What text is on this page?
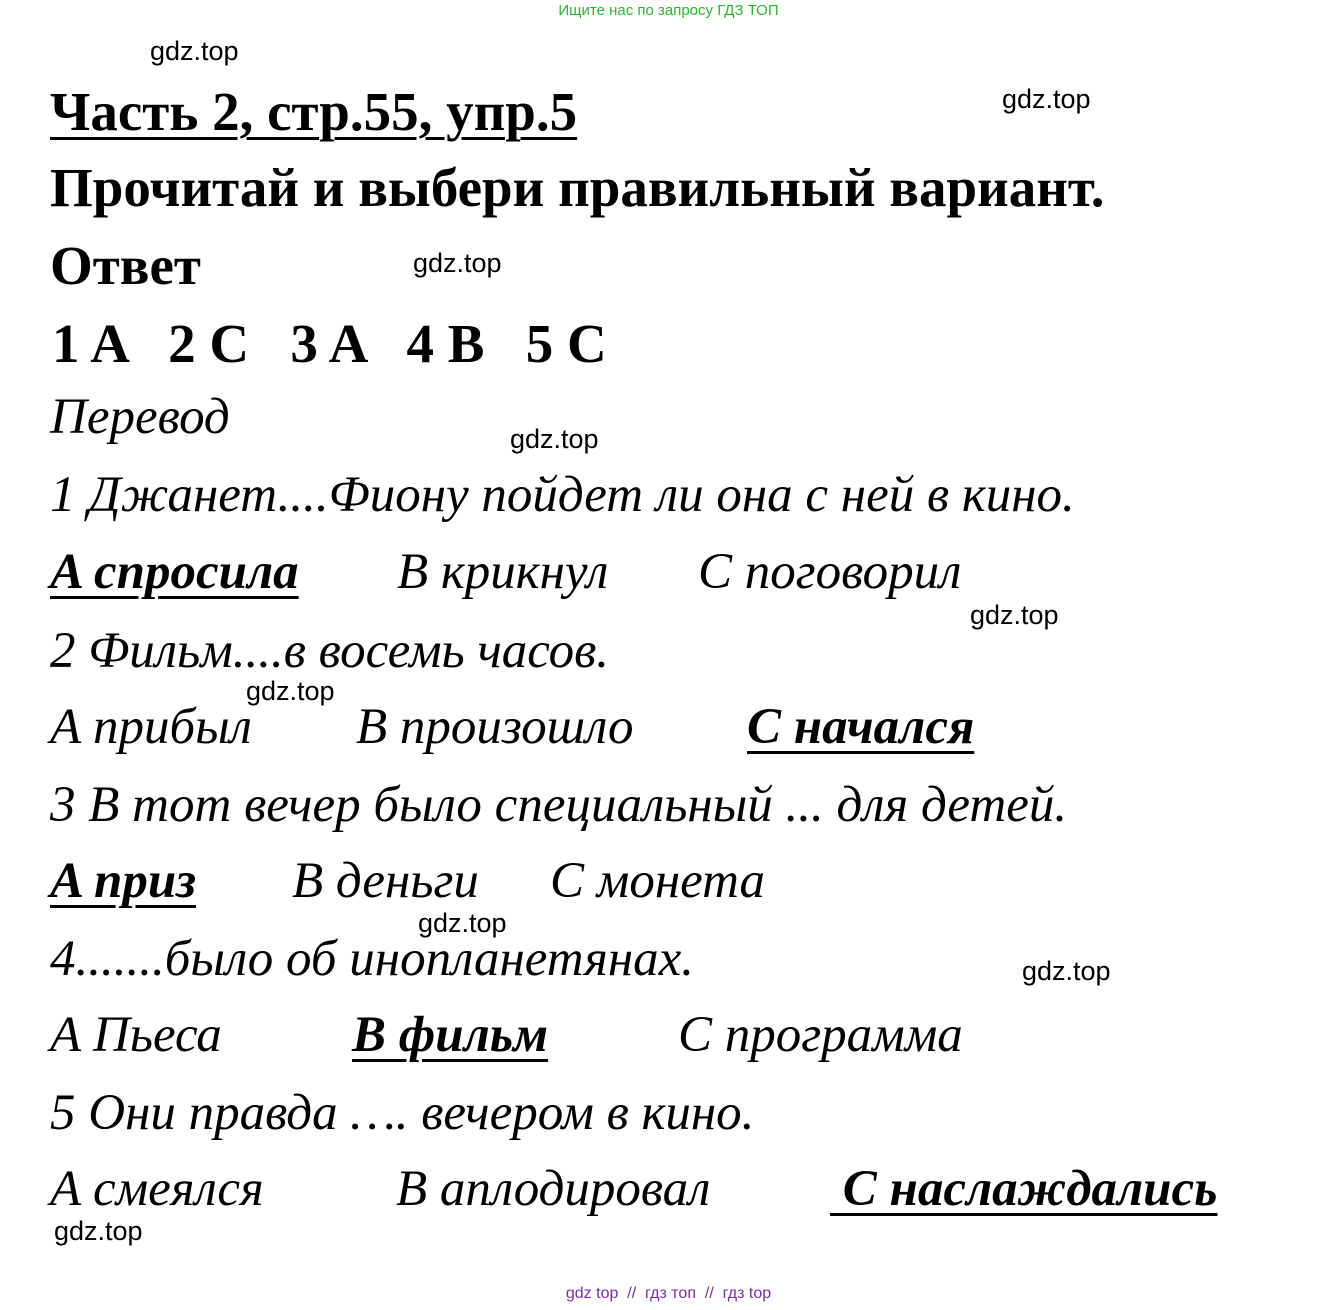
Ищите нас по запросу ГДЗ ТОП
gdz.top
gdz.top
gdz.top
gdz.top
gdz.top
gdz.top
gdz.top
gdz.top
gdz.top
Часть 2, стр.55, упр.5
Прочитай и выбери правильный вариант.
Ответ
1 A   2 C   3 A   4 B   5 C
Перевод
1 Джанет....Фиону пойдет ли она с ней в кино.
A спросила B крикнул C поговорил
2 Фильм....в восемь часов.
A прибыл B произошло C начался
3 В тот вечер было специальный ... для детей.
A приз B деньги C монета
4.......было об инопланетянах.
A Пьеса	B фильм	C программа
5 Они правда …. вечером в кино.
A смеялся	B аплодировал C наслаждались
gdz top  //  гдз топ  //  гдз top
